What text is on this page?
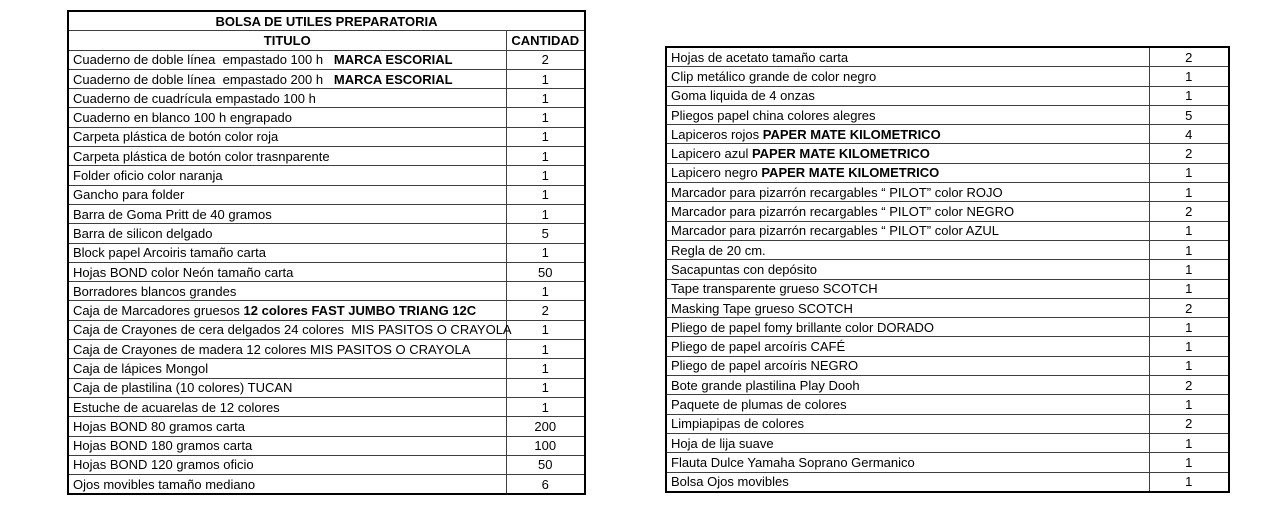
BOLSA DE UTILES PREPARATORIA	
TITULO	CANTIDAD
Cuaderno de doble línea  empastado 100 h   MARCA ESCORIAL	2
Cuaderno de doble línea  empastado 200 h   MARCA ESCORIAL	1
Cuaderno de cuadrícula empastado 100 h	1
Cuaderno en blanco 100 h engrapado	1
Carpeta plástica de botón color roja	1
Carpeta plástica de botón color trasnparente	1
Folder oficio color naranja	1
Gancho para folder	1
Barra de Goma Pritt de 40 gramos	1
Barra de silicon delgado	5
Block papel Arcoiris tamaño carta	1
Hojas BOND color Neón tamaño carta	50
Borradores blancos grandes	1
Caja de Marcadores gruesos 12 colores FAST JUMBO TRIANG 12C	2
Caja de Crayones de cera delgados 24 colores  MIS PASITOS O CRAYOLA	1
Caja de Crayones de madera 12 colores MIS PASITOS O CRAYOLA	1
Caja de lápices Mongol	1
Caja de plastilina (10 colores) TUCAN	1
Estuche de acuarelas de 12 colores	1
Hojas BOND 80 gramos carta	200
Hojas BOND 180 gramos carta	100
Hojas BOND 120 gramos oficio	50
Ojos movibles tamaño mediano	6
Hojas de acetato tamaño carta	2
Clip metálico grande de color negro	1
Goma liquida de 4 onzas	1
Pliegos papel china colores alegres	5
Lapiceros rojos PAPER MATE KILOMETRICO	4
Lapicero azul PAPER MATE KILOMETRICO	2
Lapicero negro PAPER MATE KILOMETRICO	1
Marcador para pizarrón recargables “ PILOT” color ROJO	1
Marcador para pizarrón recargables “ PILOT” color NEGRO	2
Marcador para pizarrón recargables “ PILOT” color AZUL	1
Regla de 20 cm.	1
Sacapuntas con depósito	1
Tape transparente grueso SCOTCH	1
Masking Tape grueso SCOTCH	2
Pliego de papel fomy brillante color DORADO	1
Pliego de papel arcoíris CAFÉ	1
Pliego de papel arcoíris NEGRO	1
Bote grande plastilina Play Dooh	2
Paquete de plumas de colores	1
Limpiapipas de colores	2
Hoja de lija suave	1
Flauta Dulce Yamaha Soprano Germanico	1
Bolsa Ojos movibles	1
